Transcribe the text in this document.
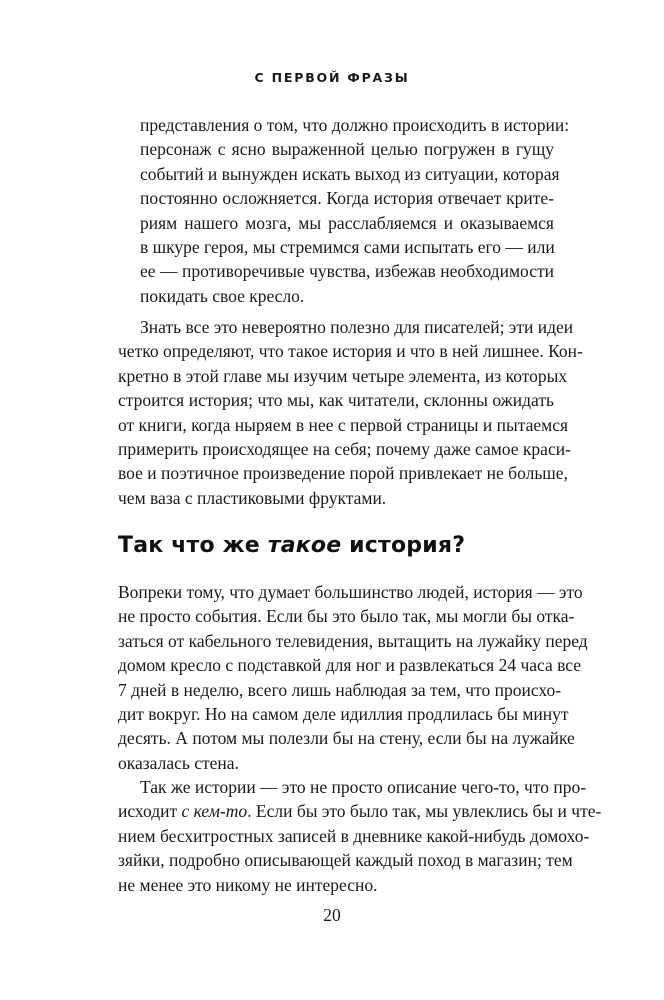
С ПЕРВОЙ ФРАЗЫ
представления о том, что должно происходить в истории:
персонаж с ясно выраженной целью погружен в гущу
событий и вынужден искать выход из ситуации, которая
постоянно осложняется. Когда история отвечает крите-
риям нашего мозга, мы расслабляемся и оказываемся
в шкуре героя, мы стремимся сами испытать его — или
ее — противоречивые чувства, избежав необходимости
покидать свое кресло.
Знать все это невероятно полезно для писателей; эти идеи
четко определяют, что такое история и что в ней лишнее. Кон-
кретно в этой главе мы изучим четыре элемента, из которых
строится история; что мы, как читатели, склонны ожидать
от книги, когда ныряем в нее с первой страницы и пытаемся
примерить происходящее на себя; почему даже самое краси-
вое и поэтичное произведение порой привлекает не больше,
чем ваза с пластиковыми фруктами.
Так что же такое история?
Вопреки тому, что думает большинство людей, история — это
не просто события. Если бы это было так, мы могли бы отка-
заться от кабельного телевидения, вытащить на лужайку перед
домом кресло с подставкой для ног и развлекаться 24 часа все
7 дней в неделю, всего лишь наблюдая за тем, что происхо-
дит вокруг. Но на самом деле идиллия продлилась бы минут
десять. А потом мы полезли бы на стену, если бы на лужайке
оказалась стена.
Так же истории — это не просто описание чего-то, что про-
исходит с кем-то. Если бы это было так, мы увлеклись бы и чте-
нием бесхитростных записей в дневнике какой-нибудь домохо-
зяйки, подробно описывающей каждый поход в магазин; тем
не менее это никому не интересно.
20
